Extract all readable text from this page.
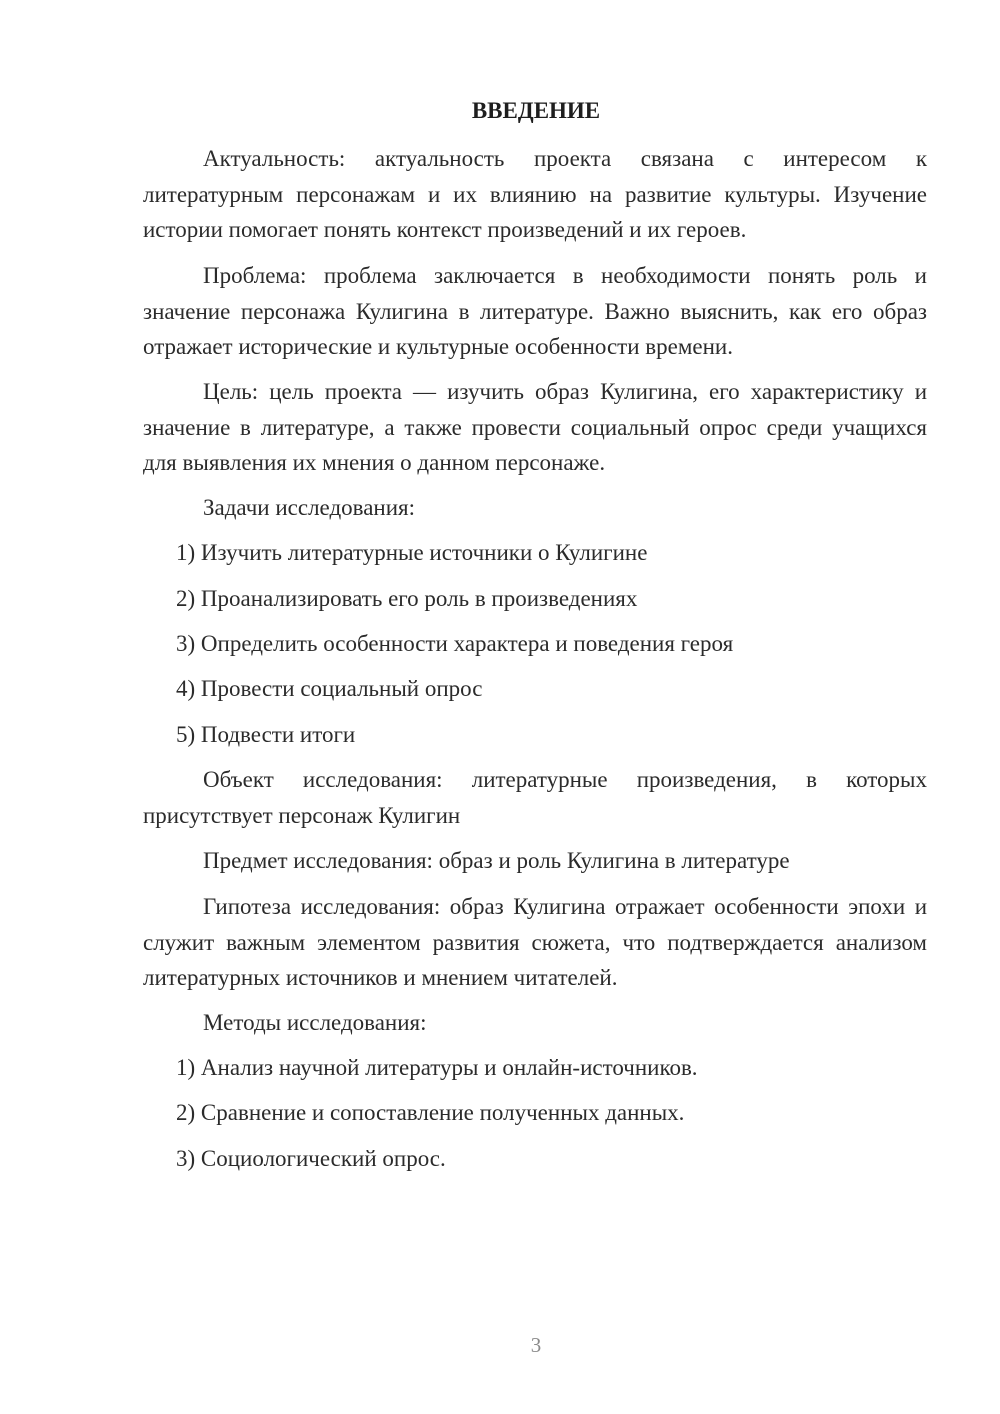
ВВЕДЕНИЕ
Актуальность: актуальность проекта связана с интересом к литературным персонажам и их влиянию на развитие культуры. Изучение истории помогает понять контекст произведений и их героев.
Проблема: проблема заключается в необходимости понять роль и значение персонажа Кулигина в литературе. Важно выяснить, как его образ отражает исторические и культурные особенности времени.
Цель: цель проекта — изучить образ Кулигина, его характеристику и значение в литературе, а также провести социальный опрос среди учащихся для выявления их мнения о данном персонаже.
Задачи исследования:
1) Изучить литературные источники о Кулигине
2) Проанализировать его роль в произведениях
3) Определить особенности характера и поведения героя
4) Провести социальный опрос
5) Подвести итоги
Объект исследования: литературные произведения, в которых присутствует персонаж Кулигин
Предмет исследования: образ и роль Кулигина в литературе
Гипотеза исследования: образ Кулигина отражает особенности эпохи и служит важным элементом развития сюжета, что подтверждается анализом литературных источников и мнением читателей.
Методы исследования:
1) Анализ научной литературы и онлайн-источников.
2) Сравнение и сопоставление полученных данных.
3) Социологический опрос.
3
